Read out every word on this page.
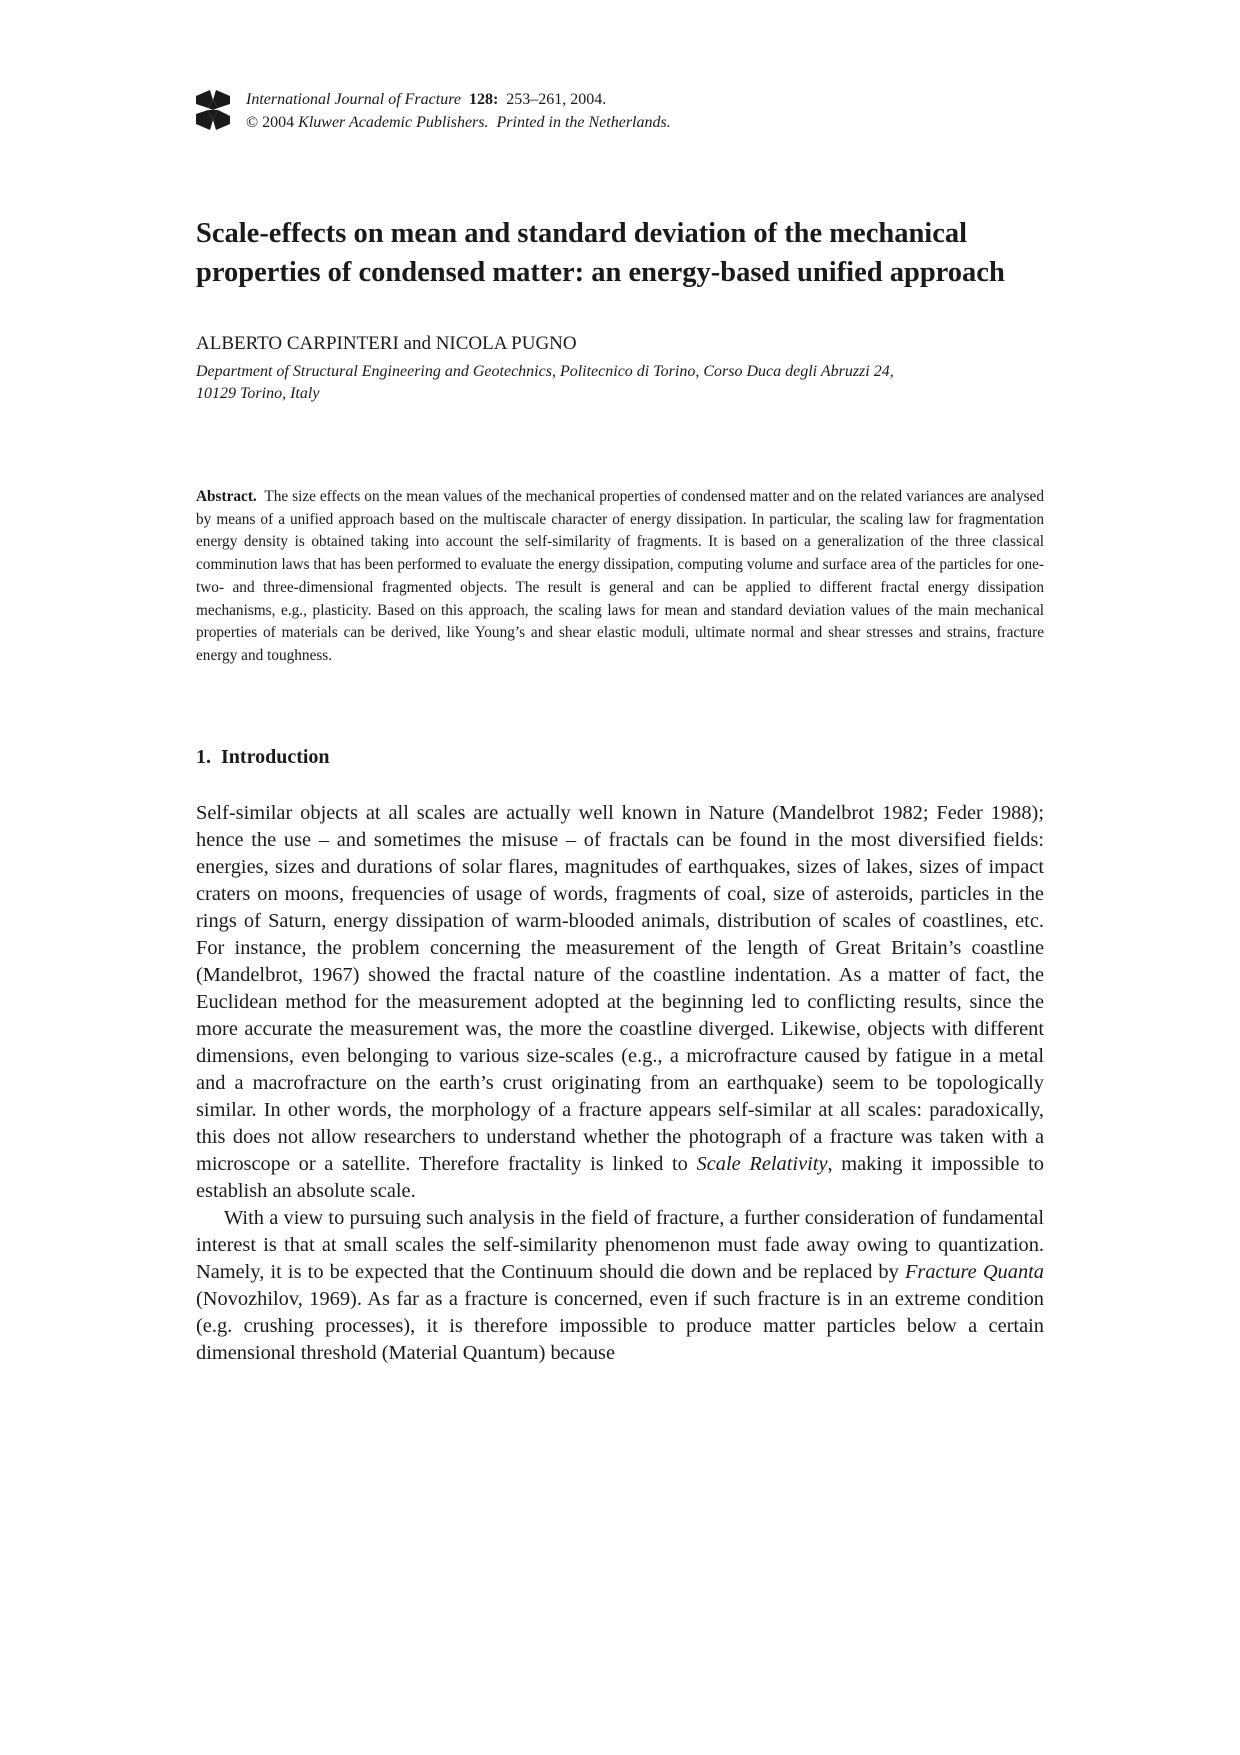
International Journal of Fracture 128: 253–261, 2004.
© 2004 Kluwer Academic Publishers. Printed in the Netherlands.
Scale-effects on mean and standard deviation of the mechanical
properties of condensed matter: an energy-based unified approach
ALBERTO CARPINTERI and NICOLA PUGNO
Department of Structural Engineering and Geotechnics, Politecnico di Torino, Corso Duca degli Abruzzi 24,
10129 Torino, Italy

Abstract. The size effects on the mean values of the mechanical properties of condensed matter and on the related variances are analysed by means of a unified approach based on the multiscale character of energy dissipation. In particular, the scaling law for fragmentation energy density is obtained taking into account the self-similarity of fragments. It is based on a generalization of the three classical comminution laws that has been performed to evaluate the energy dissipation, computing volume and surface area of the particles for one- two- and three-dimensional fragmented objects. The result is general and can be applied to different fractal energy dissipation mechanisms, e.g., plasticity. Based on this approach, the scaling laws for mean and standard deviation values of the main mechanical properties of materials can be derived, like Young’s and shear elastic moduli, ultimate normal and shear stresses and strains, fracture energy and toughness.

1. Introduction

Self-similar objects at all scales are actually well known in Nature (Mandelbrot 1982; Feder 1988); hence the use – and sometimes the misuse – of fractals can be found in the most diversified fields: energies, sizes and durations of solar flares, magnitudes of earthquakes, sizes of lakes, sizes of impact craters on moons, frequencies of usage of words, fragments of coal, size of asteroids, particles in the rings of Saturn, energy dissipation of warm-blooded animals, distribution of scales of coastlines, etc. For instance, the problem concerning the measurement of the length of Great Britain’s coastline (Mandelbrot, 1967) showed the fractal nature of the coastline indentation. As a matter of fact, the Euclidean method for the measurement adopted at the beginning led to conflicting results, since the more accurate the measurement was, the more the coastline diverged. Likewise, objects with different dimensions, even belonging to various size-scales (e.g., a microfracture caused by fatigue in a metal and a macrofracture on the earth’s crust originating from an earthquake) seem to be topologically similar. In other words, the morphology of a fracture appears self-similar at all scales: paradoxically, this does not allow researchers to understand whether the photograph of a fracture was taken with a microscope or a satellite. Therefore fractality is linked to Scale Relativity, making it impossible to establish an absolute scale.

With a view to pursuing such analysis in the field of fracture, a further consideration of fundamental interest is that at small scales the self-similarity phenomenon must fade away owing to quantization. Namely, it is to be expected that the Continuum should die down and be replaced by Fracture Quanta (Novozhilov, 1969). As far as a fracture is concerned, even if such fracture is in an extreme condition (e.g. crushing processes), it is therefore impossible to produce matter particles below a certain dimensional threshold (Material Quantum) because
